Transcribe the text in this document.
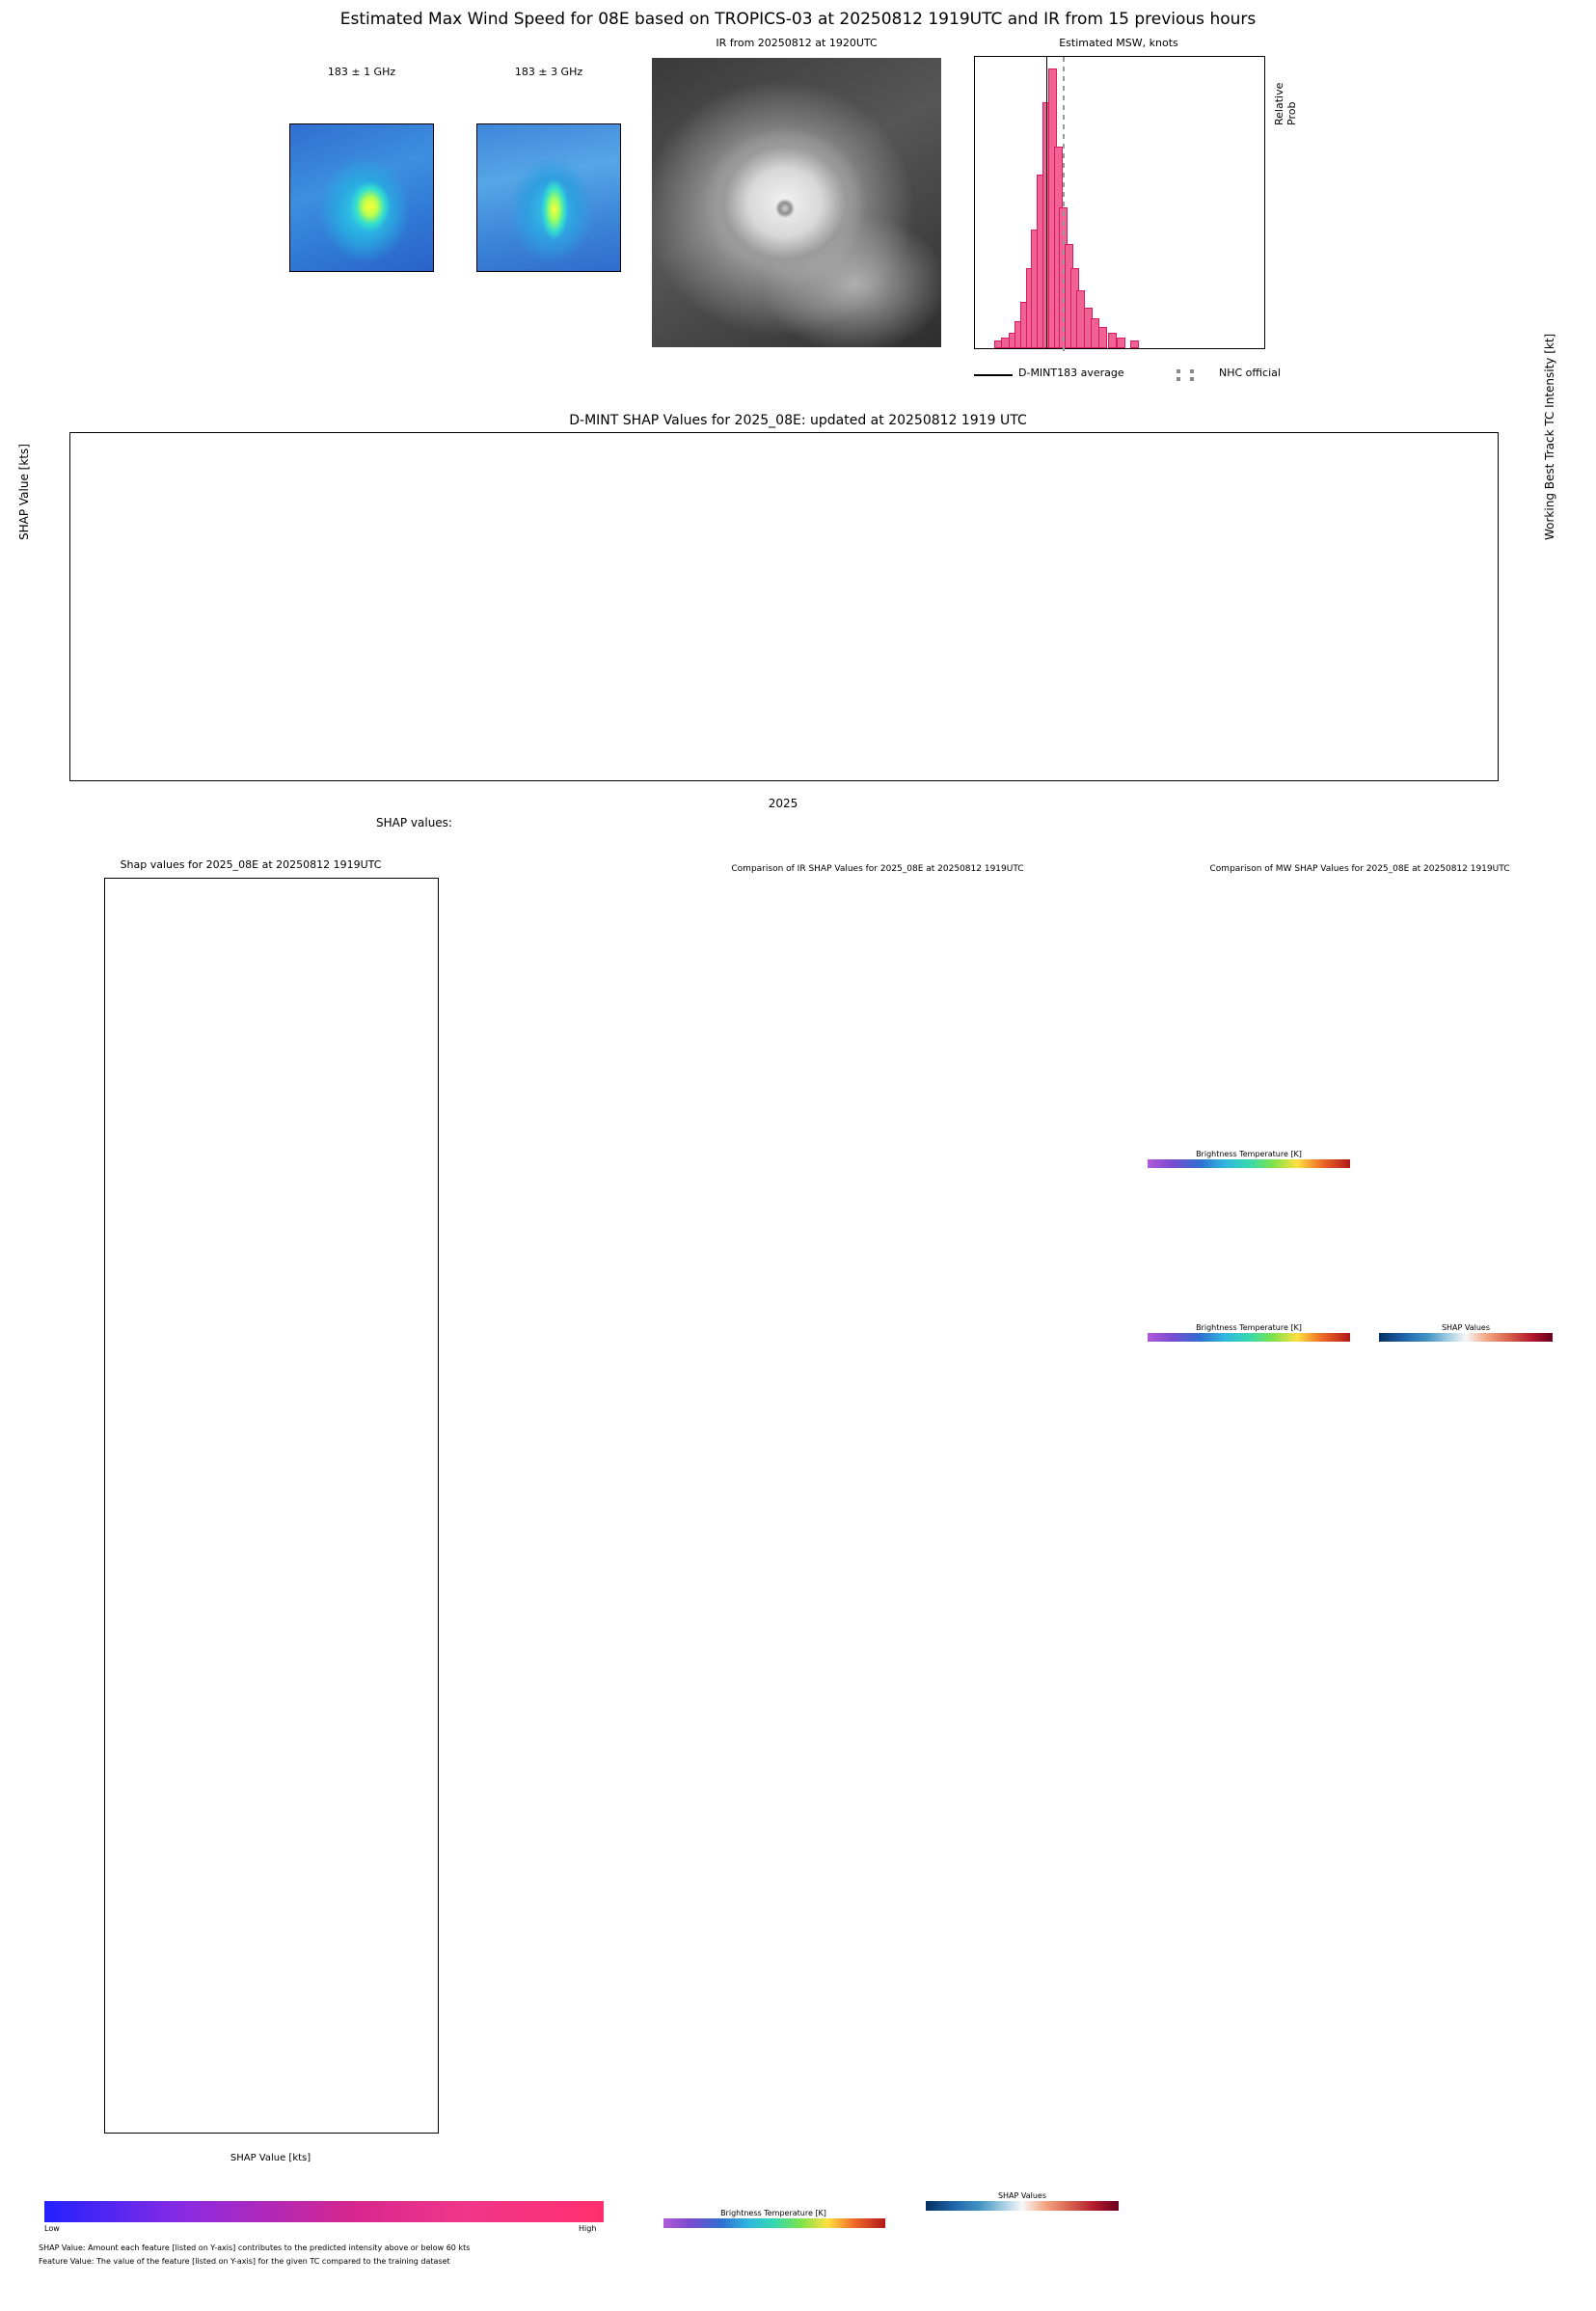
Estimated Max Wind Speed for 08E based on TROPICS-03 at 20250812 1919UTC and IR from 15 previous hours
183 ± 1 GHz	183 ± 3 GHz
IR from 20250812 at 1920UTC	Estimated MSW, knots
Relative Prob
D-MINT183 average	NHC official
D-MINT SHAP Values for 2025_08E: updated at 20250812 1919 UTC
SHAP Value [kts]	Working Best Track TC Intensity [kt]
2025
SHAP values:
Shap values for 2025_08E at 20250812 1919UTC
SHAP Value [kts]
Low	High
SHAP Value: Amount each feature [listed on Y-axis] contributes to the predicted intensity above or below 60 kts
Feature Value: The value of the feature [listed on Y-axis] for the given TC compared to the training dataset
Comparison of IR SHAP Values for 2025_08E at 20250812 1919UTC
Brightness Temperature [K]
SHAP Values
Comparison of MW SHAP Values for 2025_08E at 20250812 1919UTC
Brightness Temperature [K]
Brightness Temperature [K]	SHAP Values
